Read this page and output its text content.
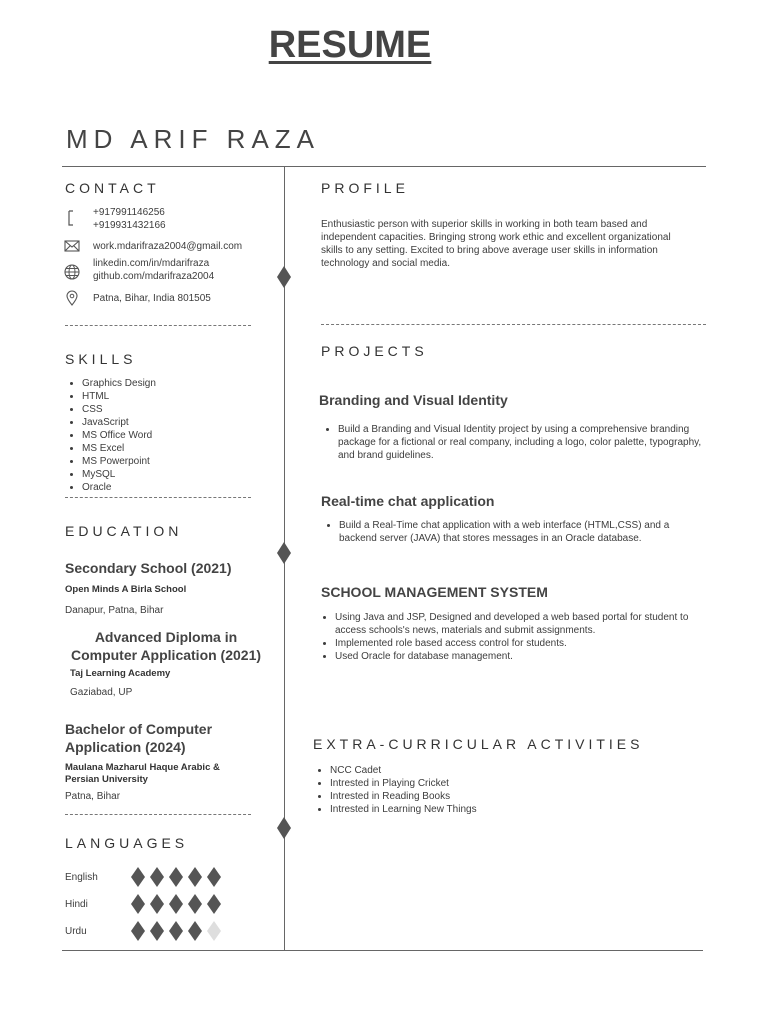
RESUME
MD ARIF RAZA
CONTACT
+917991146256
+919931432166
work.mdarifraza2004@gmail.com
linkedin.com/in/mdarifraza
github.com/mdarifraza2004
Patna, Bihar, India 801505
SKILLS
• Graphics Design
• HTML
• CSS
• JavaScript
• MS Office Word
• MS Excel
• MS Powerpoint
• MySQL
• Oracle
EDUCATION
Secondary School (2021)
Open Minds A Birla School
Danapur, Patna, Bihar
Advanced Diploma in Computer Application (2021)
Taj Learning Academy
Gaziabad, UP
Bachelor of Computer Application (2024)
Maulana Mazharul Haque Arabic & Persian University
Patna, Bihar
LANGUAGES
English
Hindi
Urdu
PROFILE
Enthusiastic person with superior skills in working in both team based and independent capacities. Bringing strong work ethic and excellent organizational skills to any setting. Excited to bring above average user skills in information technology and social media.
PROJECTS
Branding and Visual Identity
• Build a Branding and Visual Identity project by using a comprehensive branding package for a fictional or real company, including a logo, color palette, typography, and brand guidelines.
Real-time chat application
• Build a Real-Time chat application with a web interface (HTML,CSS) and a backend server (JAVA) that stores messages in an Oracle database.
SCHOOL MANAGEMENT SYSTEM
• Using Java and JSP, Designed and developed a web based portal for student to access schools's news, materials and submit assignments.
• Implemented role based access control for students.
• Used Oracle for database management.
EXTRA-CURRICULAR ACTIVITIES
• NCC Cadet
• Intrested in Playing Cricket
• Intrested in Reading Books
• Intrested in Learning New Things
